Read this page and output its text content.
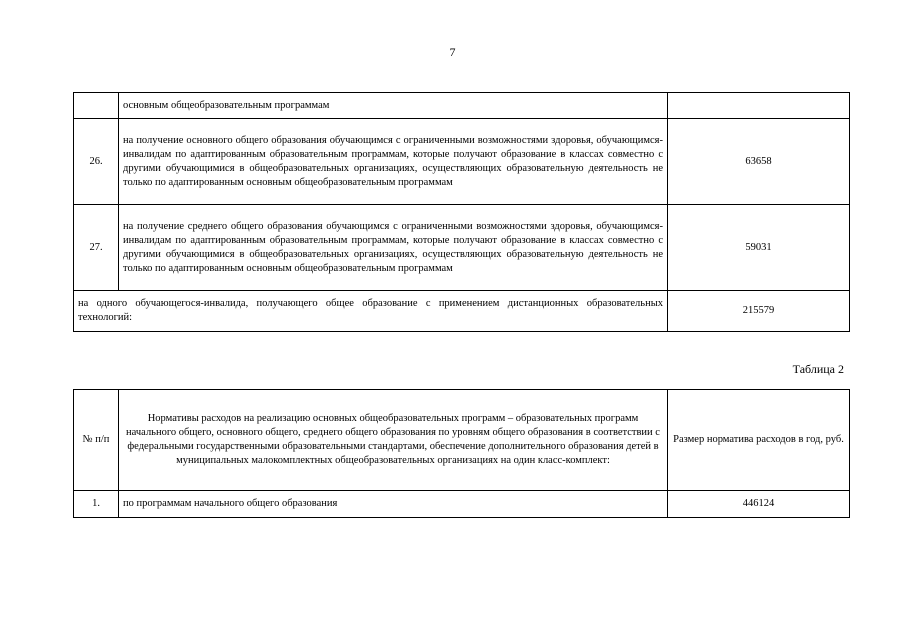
7
	основным общеобразовательным программам	
26.	на получение основного общего образования обучающимся с ограниченными возможностями здоровья, обучающимся-инвалидам по адаптированным образовательным программам, которые получают образование в классах совместно с другими обучающимися в общеобразовательных организациях, осуществляющих образовательную деятельность не только по адаптированным основным общеобразовательным программам	63658
27.	на получение среднего общего образования обучающимся с ограниченными возможностями здоровья, обучающимся-инвалидам по адаптированным образовательным программам, которые получают образование в классах совместно с другими обучающимися в общеобразовательных организациях, осуществляющих образовательную деятельность не только по адаптированным основным общеобразовательным программам	59031
на одного обучающегося-инвалида, получающего общее образование с применением дистанционных образовательных технологий:		215579
Таблица 2
№ п/п	Нормативы расходов на реализацию основных общеобразовательных программ – образовательных программ начального общего, основного общего, среднего общего образования по уровням общего образования в соответствии с федеральными государственными образовательными стандартами, обеспечение дополнительного образования детей в муниципальных малокомплектных общеобразовательных организациях на один класс-комплект:	Размер норматива расходов в год, руб.
1.	по программам начального общего образования	446124
